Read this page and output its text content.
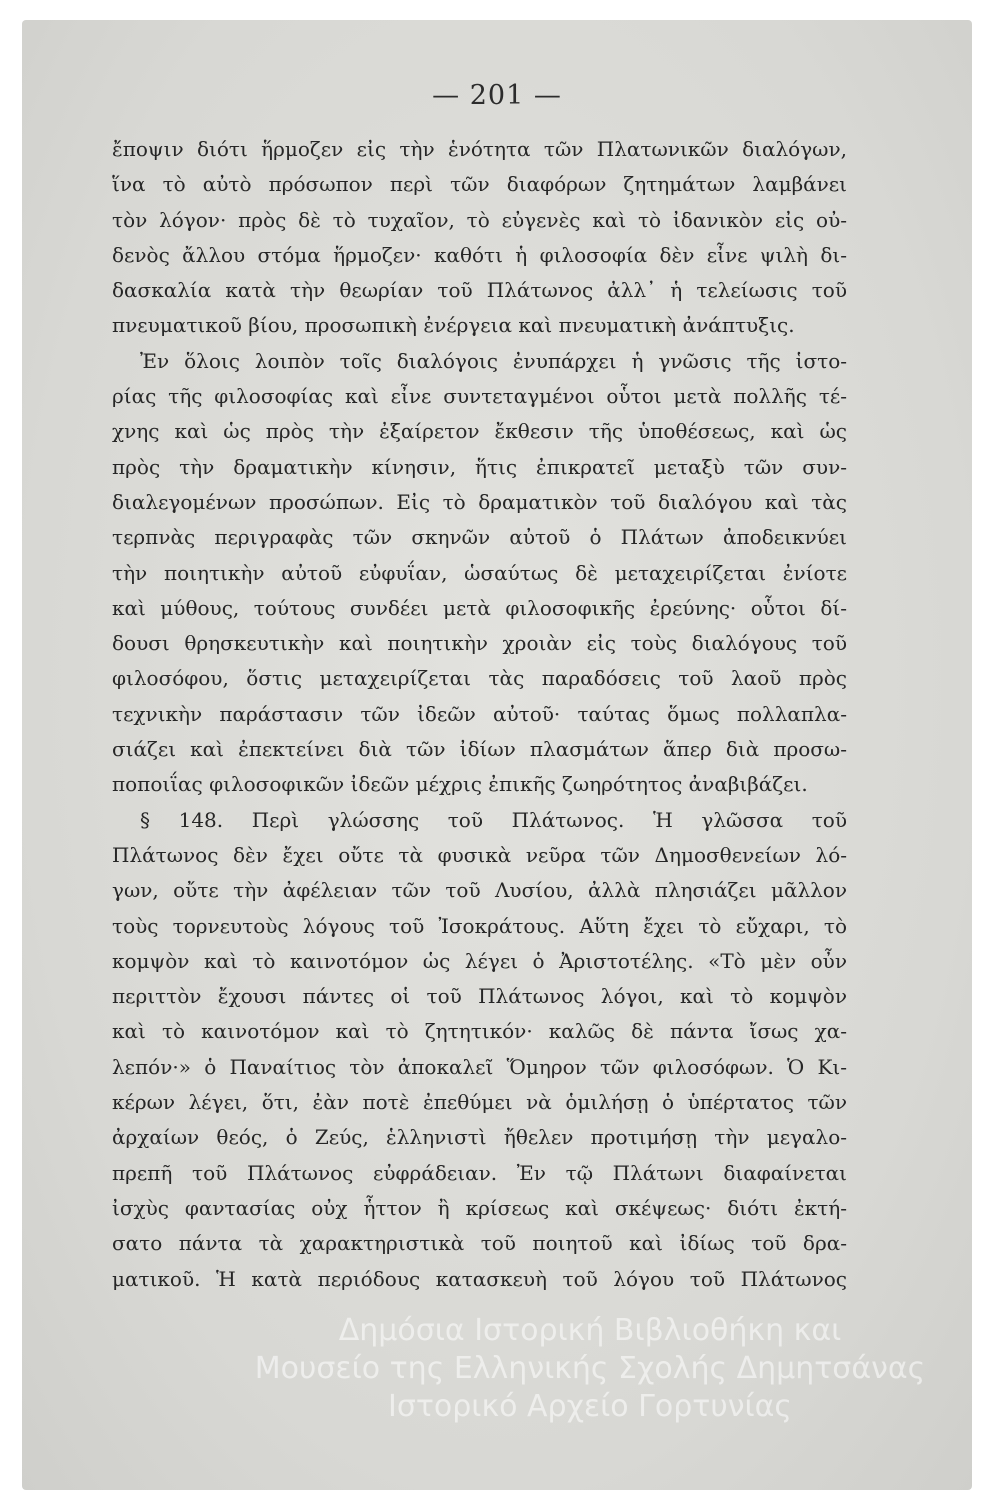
— 201 —
ἔποψιν διότι ἥρμοζεν εἰς τὴν ἑνότητα τῶν Πλατωνικῶν διαλόγων,
ἵνα τὸ αὐτὸ πρόσωπον περὶ τῶν διαφόρων ζητημάτων λαμβάνει
τὸν λόγον· πρὸς δὲ τὸ τυχαῖον, τὸ εὐγενὲς καὶ τὸ ἰδανικὸν εἰς οὐ-
δενὸς ἄλλου στόμα ἥρμοζεν· καθότι ἡ φιλοσοφία δὲν εἶνε ψιλὴ δι-
δασκαλία κατὰ τὴν θεωρίαν τοῦ Πλάτωνος ἀλλ᾽ ἡ τελείωσις τοῦ
πνευματικοῦ βίου, προσωπικὴ ἐνέργεια καὶ πνευματικὴ ἀνάπτυξις.
Ἐν ὅλοις λοιπὸν τοῖς διαλόγοις ἐνυπάρχει ἡ γνῶσις τῆς ἱστο-
ρίας τῆς φιλοσοφίας καὶ εἶνε συντεταγμένοι οὗτοι μετὰ πολλῆς τέ-
χνης καὶ ὡς πρὸς τὴν ἐξαίρετον ἔκθεσιν τῆς ὑποθέσεως, καὶ ὡς
πρὸς τὴν δραματικὴν κίνησιν, ἥτις ἐπικρατεῖ μεταξὺ τῶν συν-
διαλεγομένων προσώπων. Εἰς τὸ δραματικὸν τοῦ διαλόγου καὶ τὰς
τερπνὰς περιγραφὰς τῶν σκηνῶν αὐτοῦ ὁ Πλάτων ἀποδεικνύει
τὴν ποιητικὴν αὐτοῦ εὐφυΐαν, ὡσαύτως δὲ μεταχειρίζεται ἐνίοτε
καὶ μύθους, τούτους συνδέει μετὰ φιλοσοφικῆς ἐρεύνης· οὗτοι δί-
δουσι θρησκευτικὴν καὶ ποιητικὴν χροιὰν εἰς τοὺς διαλόγους τοῦ
φιλοσόφου, ὅστις μεταχειρίζεται τὰς παραδόσεις τοῦ λαοῦ πρὸς
τεχνικὴν παράστασιν τῶν ἰδεῶν αὐτοῦ· ταύτας ὅμως πολλαπλα-
σιάζει καὶ ἐπεκτείνει διὰ τῶν ἰδίων πλασμάτων ἅπερ διὰ προσω-
ποποιΐας φιλοσοφικῶν ἰδεῶν μέχρις ἐπικῆς ζωηρότητος ἀναβιβάζει.
§ 148. Περὶ γλώσσης τοῦ Πλάτωνος. Ἡ γλῶσσα τοῦ
Πλάτωνος δὲν ἔχει οὔτε τὰ φυσικὰ νεῦρα τῶν Δημοσθενείων λό-
γων, οὔτε τὴν ἀφέλειαν τῶν τοῦ Λυσίου, ἀλλὰ πλησιάζει μᾶλλον
τοὺς τορνευτοὺς λόγους τοῦ Ἰσοκράτους. Αὕτη ἔχει τὸ εὔχαρι, τὸ
κομψὸν καὶ τὸ καινοτόμον ὡς λέγει ὁ Ἀριστοτέλης. «Τὸ μὲν οὖν
περιττὸν ἔχουσι πάντες οἱ τοῦ Πλάτωνος λόγοι, καὶ τὸ κομψὸν
καὶ τὸ καινοτόμον καὶ τὸ ζητητικόν· καλῶς δὲ πάντα ἴσως χα-
λεπόν·» ὁ Παναίτιος τὸν ἀποκαλεῖ Ὅμηρον τῶν φιλοσόφων. Ὁ Κι-
κέρων λέγει, ὅτι, ἐὰν ποτὲ ἐπεθύμει νὰ ὁμιλήσῃ ὁ ὑπέρτατος τῶν
ἀρχαίων θεός, ὁ Ζεύς, ἑλληνιστὶ ἤθελεν προτιμήσῃ τὴν μεγαλο-
πρεπῆ τοῦ Πλάτωνος εὐφράδειαν. Ἐν τῷ Πλάτωνι διαφαίνεται
ἰσχὺς φαντασίας οὐχ ἧττον ἢ κρίσεως καὶ σκέψεως· διότι ἐκτή-
σατο πάντα τὰ χαρακτηριστικὰ τοῦ ποιητοῦ καὶ ἰδίως τοῦ δρα-
ματικοῦ. Ἡ κατὰ περιόδους κατασκευὴ τοῦ λόγου τοῦ Πλάτωνος
Δημόσια Ιστορική Βιβλιοθήκη και
Μουσείο της Ελληνικής Σχολής Δημητσάνας
Ιστορικό Αρχείο Γορτυνίας
